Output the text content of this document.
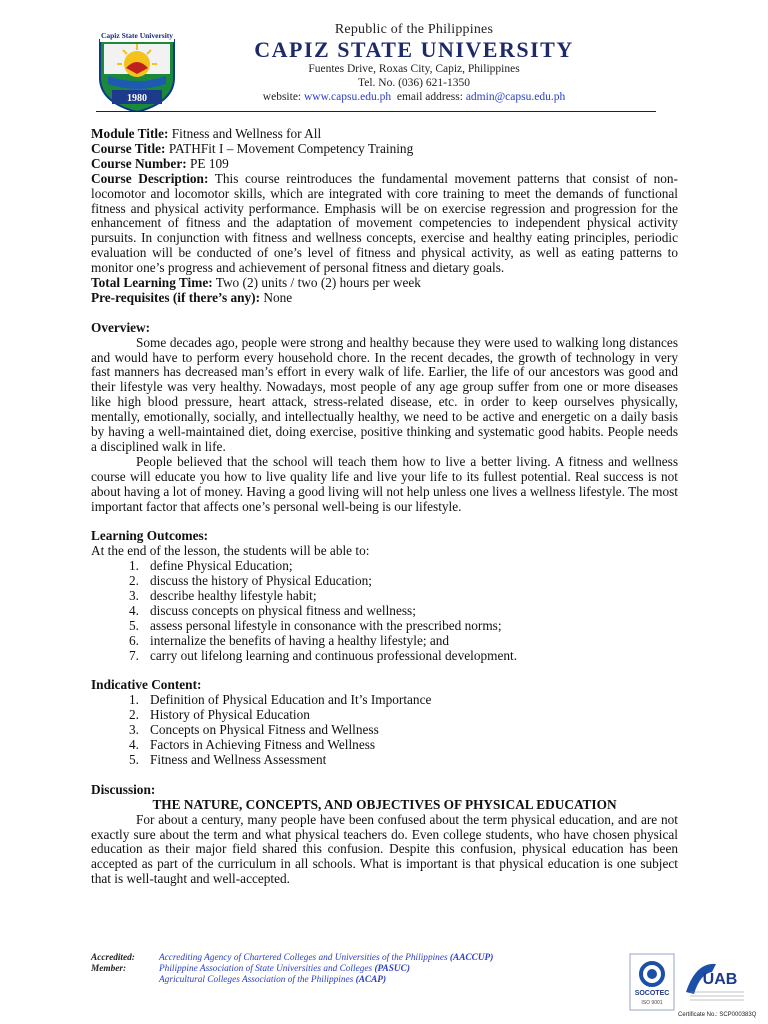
Capiz State University
1980
Republic of the Philippines
CAPIZ STATE UNIVERSITY
Fuentes Drive, Roxas City, Capiz, Philippines
Tel. No. (036) 621-1350
website: www.capsu.edu.ph email address: admin@capsu.edu.ph

Module Title: Fitness and Wellness for All

Course Title: PATHFit I – Movement Competency Training

Course Number: PE 109

Course Description: This course reintroduces the fundamental movement patterns that consist of non-locomotor and locomotor skills, which are integrated with core training to meet the demands of functional fitness and physical activity performance. Emphasis will be on exercise regression and progression for the enhancement of fitness and the adaptation of movement competencies to independent physical activity pursuits. In conjunction with fitness and wellness concepts, exercise and healthy eating principles, periodic evaluation will be conducted of one’s level of fitness and physical activity, as well as eating patterns to monitor one’s progress and achievement of personal fitness and dietary goals.

Total Learning Time: Two (2) units / two (2) hours per week

Pre-requisites (if there’s any): None

Overview:

Some decades ago, people were strong and healthy because they were used to walking long distances and would have to perform every household chore. In the recent decades, the growth of technology in very fast manners has decreased man’s effort in every walk of life. Earlier, the life of our ancestors was good and their lifestyle was very healthy. Nowadays, most people of any age group suffer from one or more diseases like high blood pressure, heart attack, stress-related disease, etc. in order to keep ourselves physically, mentally, emotionally, socially, and intellectually healthy, we need to be active and energetic on a daily basis by having a well-maintained diet, doing exercise, positive thinking and systematic good habits. People needs a disciplined walk in life.

People believed that the school will teach them how to live a better living. A fitness and wellness course will educate you how to live quality life and live your life to its fullest potential. Real success is not about having a lot of money. Having a good living will not help unless one lives a wellness lifestyle. The most important factor that affects one’s personal well-being is our lifestyle.

Learning Outcomes:

At the end of the lesson, the students will be able to:

1. define Physical Education;
2. discuss the history of Physical Education;
3. describe healthy lifestyle habit;
4. discuss concepts on physical fitness and wellness;
5. assess personal lifestyle in consonance with the prescribed norms;
6. internalize the benefits of having a healthy lifestyle; and
7. carry out lifelong learning and continuous professional development.

Indicative Content:

1. Definition of Physical Education and It’s Importance
2. History of Physical Education
3. Concepts on Physical Fitness and Wellness
4. Factors in Achieving Fitness and Wellness
5. Fitness and Wellness Assessment

Discussion:

THE NATURE, CONCEPTS, AND OBJECTIVES OF PHYSICAL EDUCATION

For about a century, many people have been confused about the term physical education, and are not exactly sure about the term and what physical teachers do. Even college students, who have chosen physical education as their major field shared this confusion. Despite this confusion, physical education has been accepted as part of the curriculum in all schools. What is important is that physical education is one subject that is well-taught and well-accepted.

Accredited:	Accrediting Agency of Chartered Colleges and Universities of the Philippines (AACCUP)
Member:	Philippine Association of State Universities and Colleges (PASUC)
Agricultural Colleges Association of the Philippines (ACAP)
SOCOTEC
ISO 9001
UAB
Certificate No.: SCP000383Q
